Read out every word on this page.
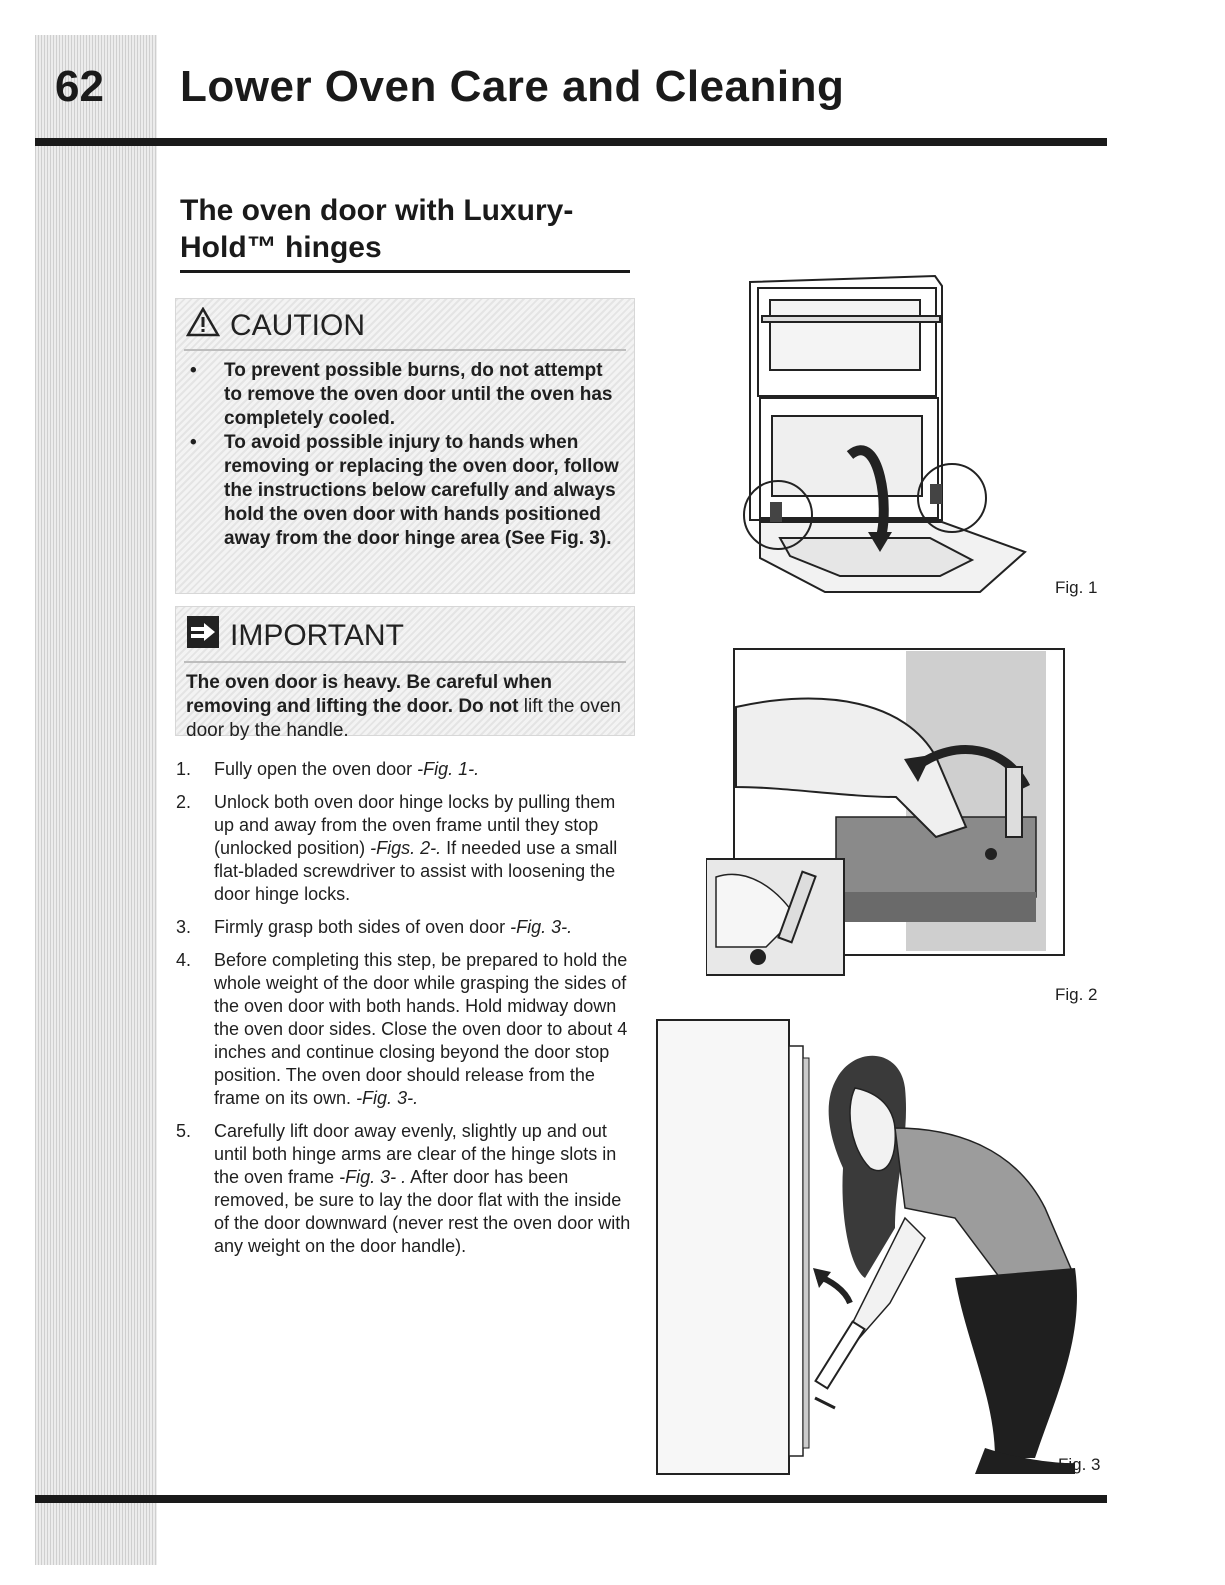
62 Lower Oven Care and Cleaning
The oven door with Luxury-
Hold™ hinges
CAUTION
• To prevent possible burns, do not attempt to remove the oven door until the oven has completely cooled.
• To avoid possible injury to hands when removing or replacing the oven door, follow the instructions below carefully and always hold the oven door with hands positioned away from the door hinge area (See Fig. 3).
IMPORTANT
The oven door is heavy. Be careful when removing and lifting the door. Do not lift the oven door by the handle.
1. Fully open the oven door -Fig. 1-.
2. Unlock both oven door hinge locks by pulling them up and away from the oven frame until they stop (unlocked position) -Figs. 2-. If needed use a small flat-bladed screwdriver to assist with loosening the door hinge locks.
3. Firmly grasp both sides of oven door -Fig. 3-.
4. Before completing this step, be prepared to hold the whole weight of the door while grasping the sides of the oven door with both hands. Hold midway down the oven door sides. Close the oven door to about 4 inches and continue closing beyond the door stop position. The oven door should release from the frame on its own. -Fig. 3-.
5. Carefully lift door away evenly, slightly up and out until both hinge arms are clear of the hinge slots in the oven frame -Fig. 3- . After door has been removed, be sure to lay the door flat with the inside of the door downward (never rest the oven door with any weight on the door handle).
Fig. 1
Fig. 2
Fig. 3
